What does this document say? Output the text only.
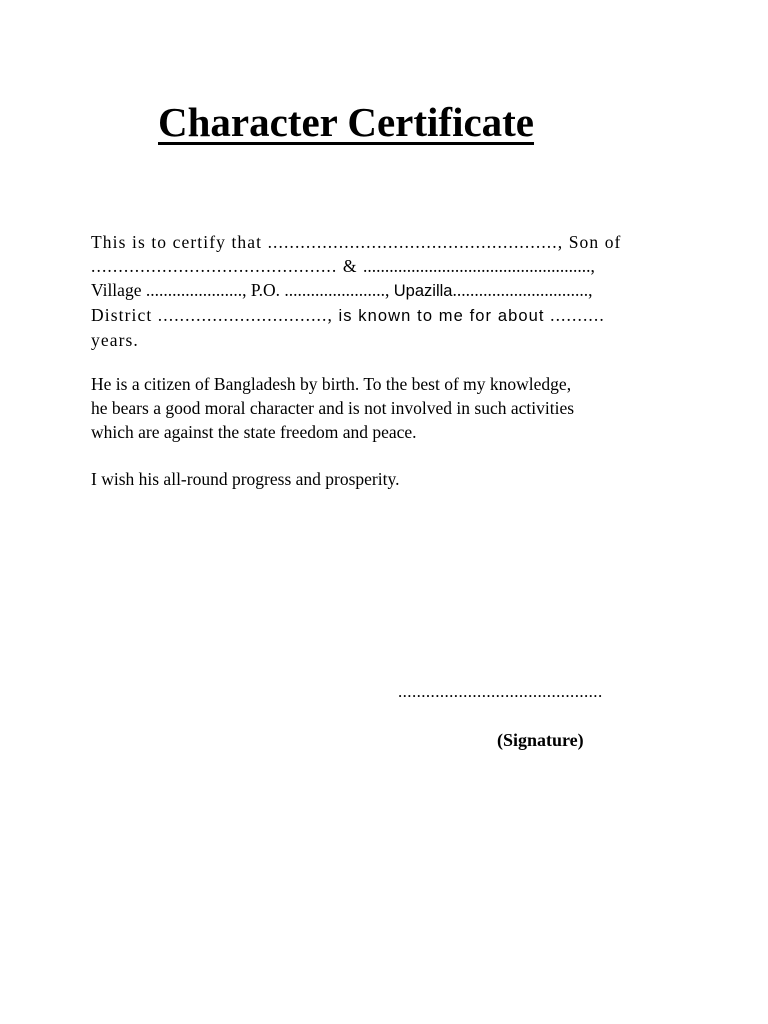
Character Certificate

This is to certify that ....................................................., Son of
............................................. & ....................................................,
Village ......................, P.O. ......................., Upazilla...............................,
District ..............................., is known to me for about ..........
years.

He is a citizen of Bangladesh by birth. To the best of my knowledge,
he bears a good moral character and is not involved in such activities
which are against the state freedom and peace.

I wish his all-round progress and prosperity.

............................................
(Signature)
